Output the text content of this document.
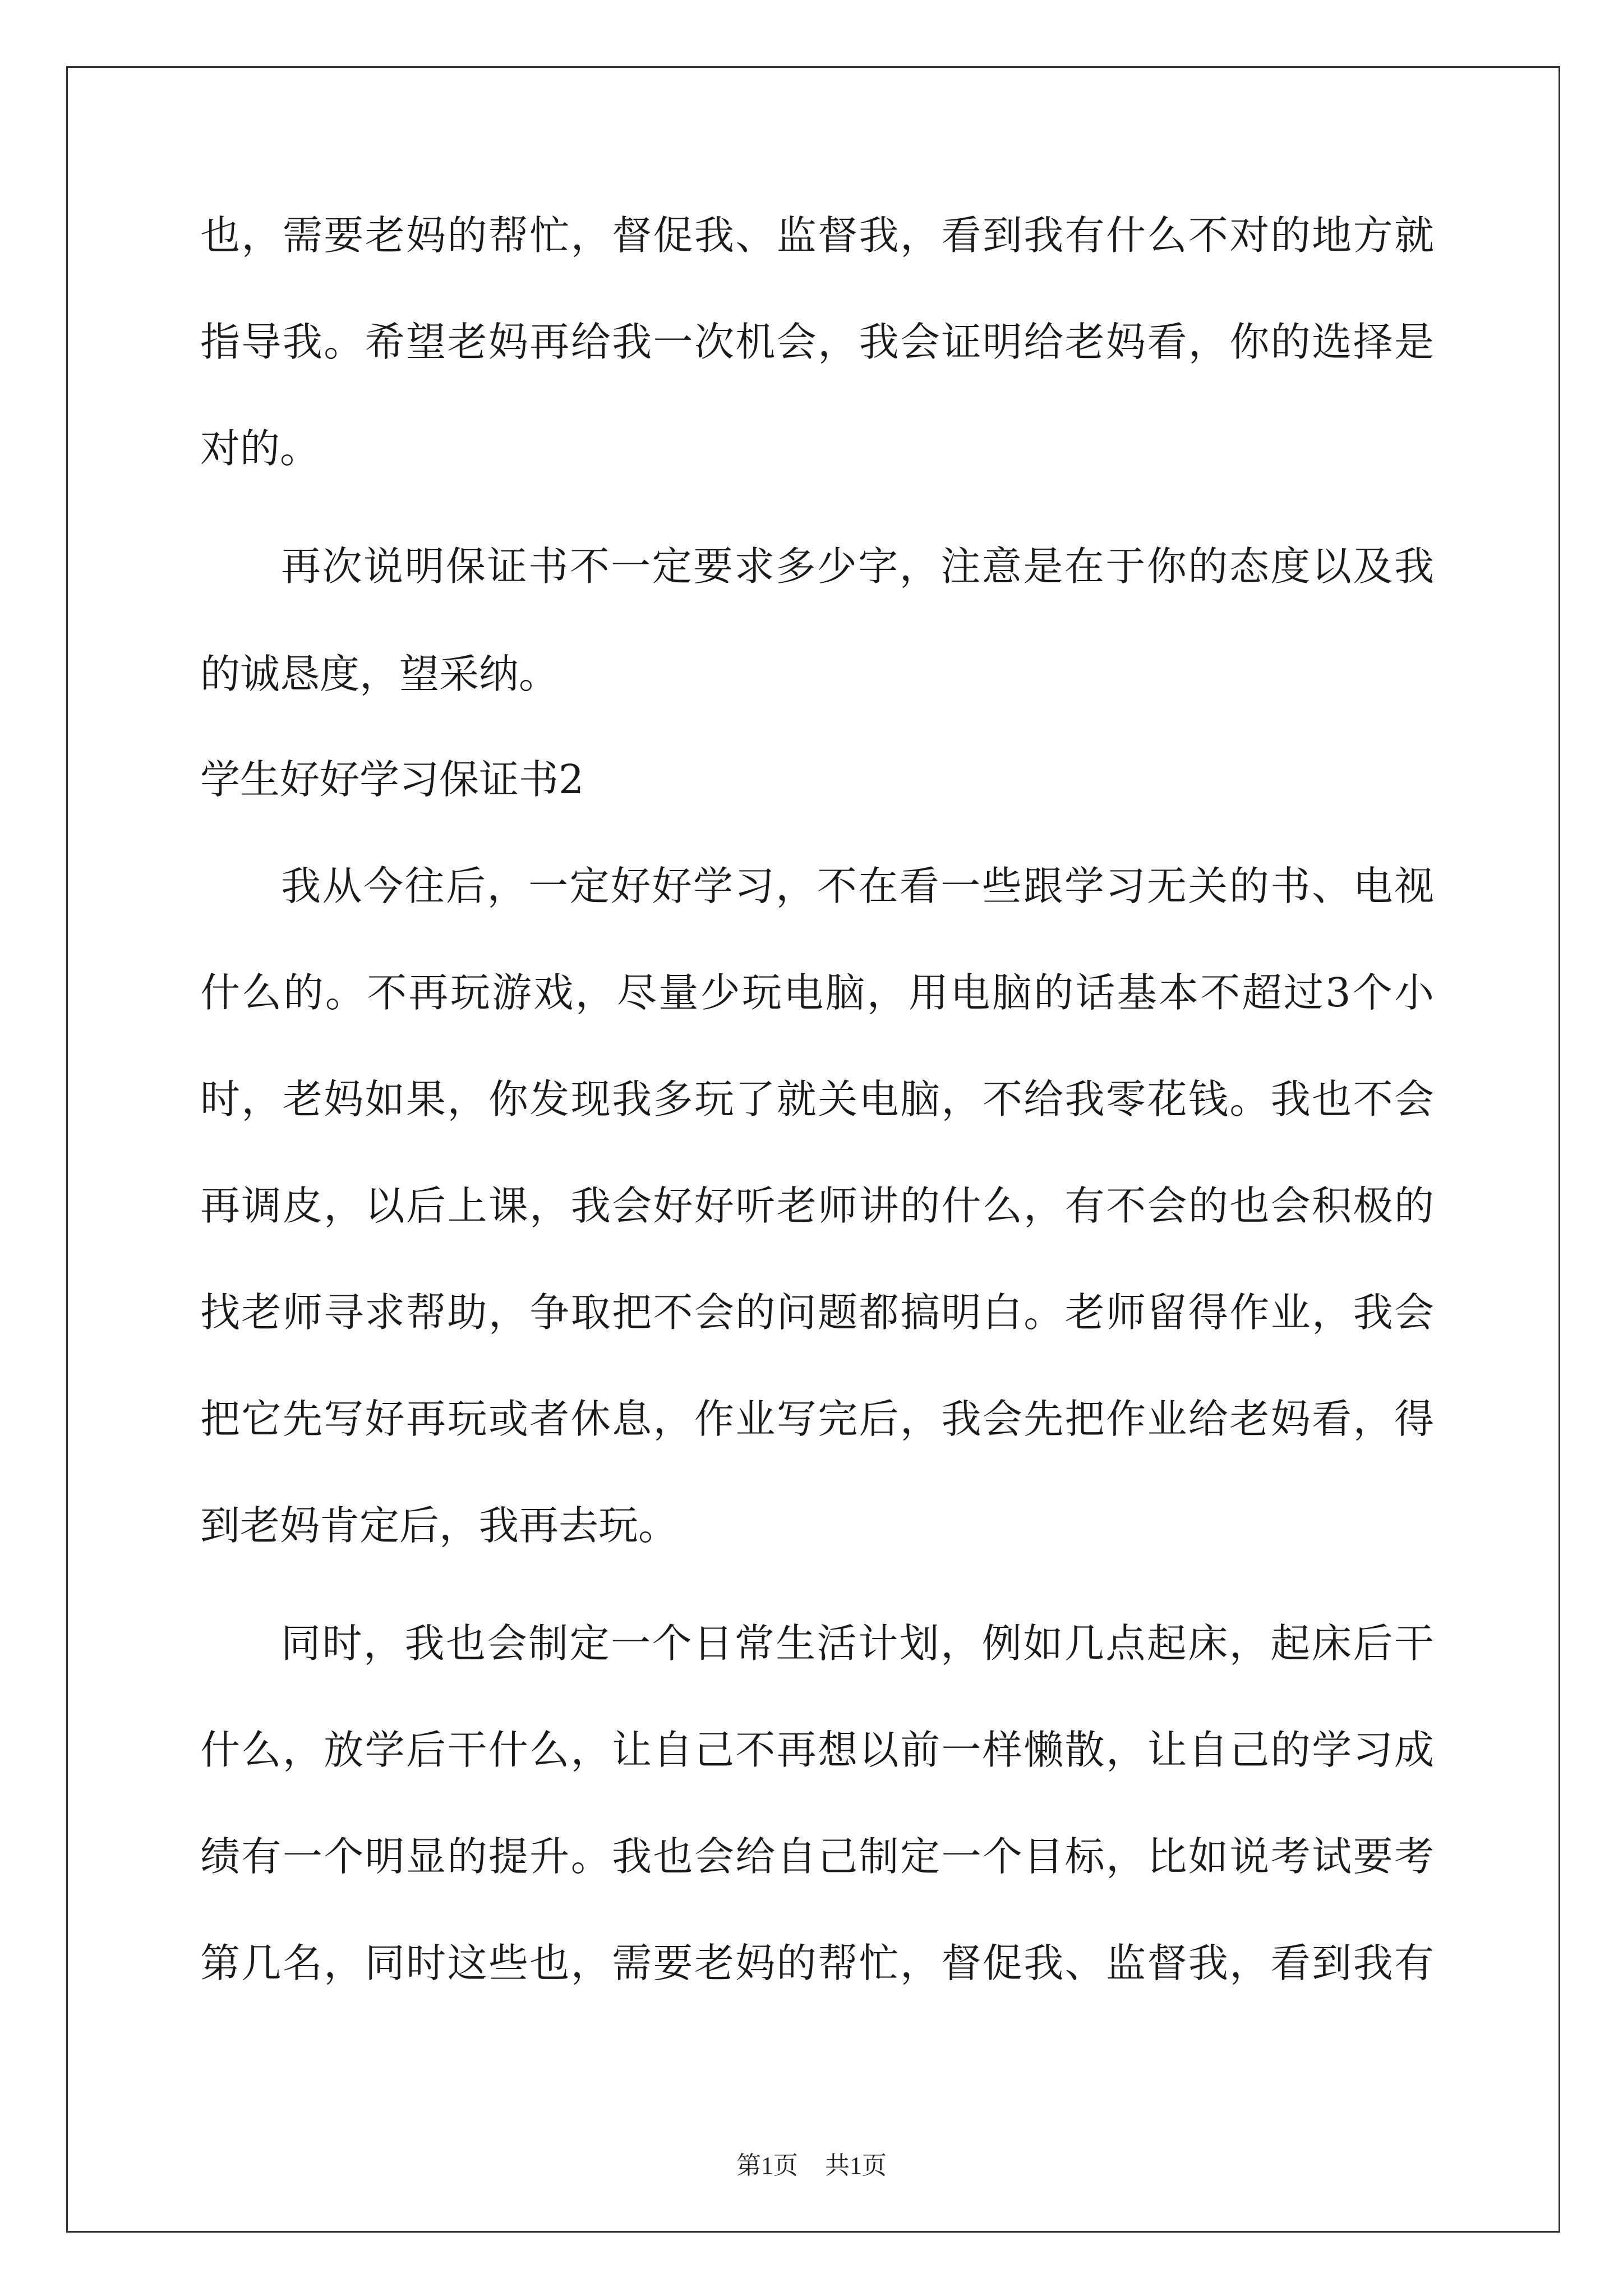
也，需要老妈的帮忙，督促我、监督我，看到我有什么不对的地方就
指导我。希望老妈再给我一次机会，我会证明给老妈看，你的选择是
对的。
再次说明保证书不一定要求多少字，注意是在于你的态度以及我
的诚恳度，望采纳。
学生好好学习保证书2
我从今往后，一定好好学习，不在看一些跟学习无关的书、电视
什么的。不再玩游戏，尽量少玩电脑，用电脑的话基本不超过3个小
时，老妈如果，你发现我多玩了就关电脑，不给我零花钱。我也不会
再调皮，以后上课，我会好好听老师讲的什么，有不会的也会积极的
找老师寻求帮助，争取把不会的问题都搞明白。老师留得作业，我会
把它先写好再玩或者休息，作业写完后，我会先把作业给老妈看，得
到老妈肯定后，我再去玩。
同时，我也会制定一个日常生活计划，例如几点起床，起床后干
什么，放学后干什么，让自己不再想以前一样懒散，让自己的学习成
绩有一个明显的提升。我也会给自己制定一个目标，比如说考试要考
第几名，同时这些也，需要老妈的帮忙，督促我、监督我，看到我有
第1页 共1页
